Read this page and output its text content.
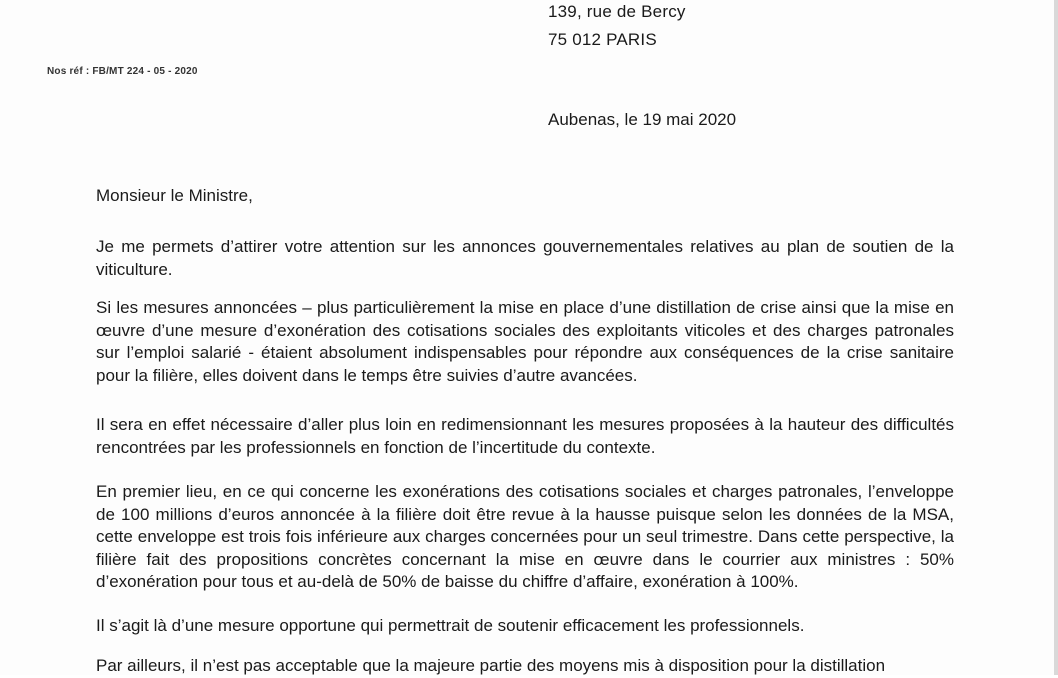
139, rue de Bercy
75 012 PARIS
Nos réf : FB/MT 224 - 05 - 2020
Aubenas, le 19 mai 2020
Monsieur le Ministre,
Je me permets d’attirer votre attention sur les annonces gouvernementales relatives au plan de soutien de la viticulture.
Si les mesures annoncées – plus particulièrement la mise en place d’une distillation de crise ainsi que la mise en œuvre d’une mesure d’exonération des cotisations sociales des exploitants viticoles et des charges patronales sur l’emploi salarié - étaient absolument indispensables pour répondre aux conséquences de la crise sanitaire pour la filière, elles doivent dans le temps être suivies d’autre avancées.
Il sera en effet nécessaire d’aller plus loin en redimensionnant les mesures proposées à la hauteur des difficultés rencontrées par les professionnels en fonction de l’incertitude du contexte.
En premier lieu, en ce qui concerne les exonérations des cotisations sociales et charges patronales, l’enveloppe de 100 millions d’euros annoncée à la filière doit être revue à la hausse puisque selon les données de la MSA, cette enveloppe est trois fois inférieure aux charges concernées pour un seul trimestre. Dans cette perspective, la filière fait des propositions concrètes concernant la mise en œuvre dans le courrier aux ministres : 50% d’exonération pour tous et au-delà de 50% de baisse du chiffre d’affaire, exonération à 100%.
Il s’agit là d’une mesure opportune qui permettrait de soutenir efficacement les professionnels.
Par ailleurs, il n’est pas acceptable que la majeure partie des moyens mis à disposition pour la distillation
